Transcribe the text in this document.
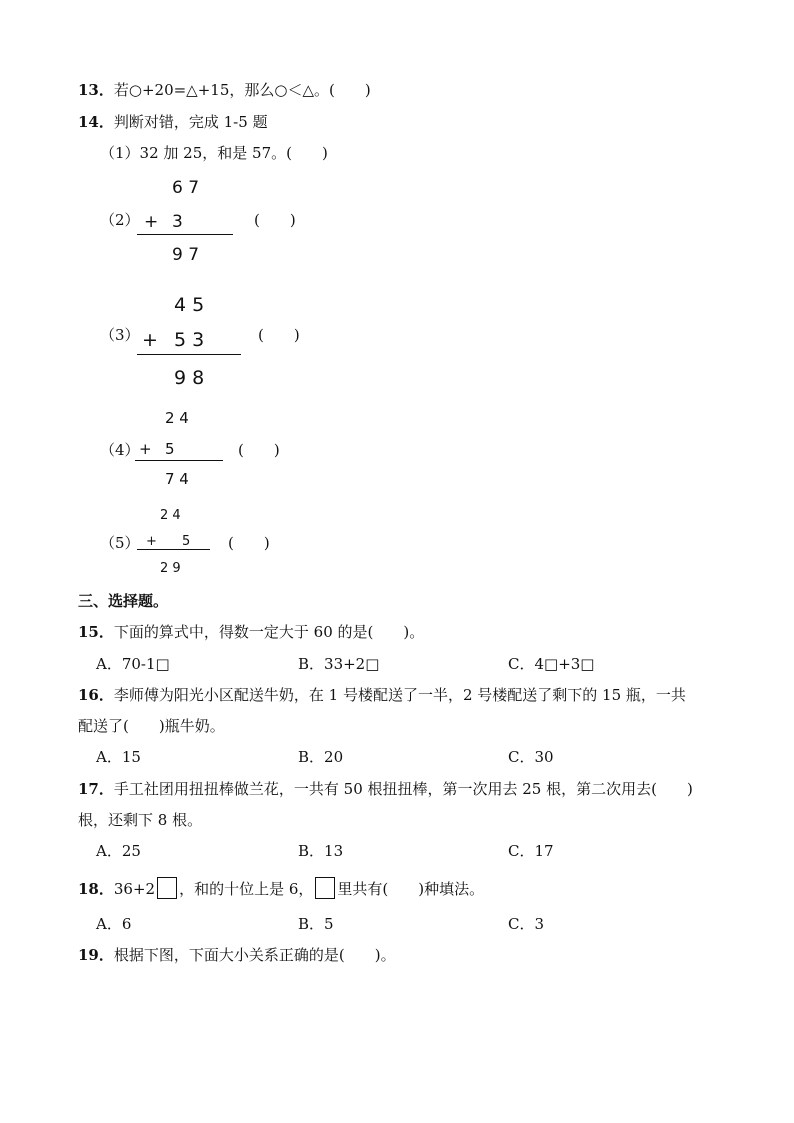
13．若○+20=△+15，那么○＜△。(　　)
14．判断对错，完成 1-5 题
（1）32 加 25，和是 57。(　　)
（2）
6 7
+ 3
9 7
(　　)
（3）
4 5
+ 5 3
9 8
(　　)
（4）
2 4
+ 5
7 4
(　　)
（5）
2 4
+ 5
2 9
(　　)
三、选择题。
15．下面的算式中，得数一定大于 60 的是(　　)。
A．70-1□	B．33+2□	C．4□+3□
16．李师傅为阳光小区配送牛奶，在 1 号楼配送了一半，2 号楼配送了剩下的 15 瓶，一共
配送了(　　)瓶牛奶。
A．15	B．20	C．30
17．手工社团用扭扭棒做兰花，一共有 50 根扭扭棒，第一次用去 25 根，第二次用去(　　)
根，还剩下 8 根。
A．25	B．13	C．17
18．36+2 ，和的十位上是 6， 里共有(　　)种填法。
A．6	B．5	C．3
19．根据下图，下面大小关系正确的是(　　)。
